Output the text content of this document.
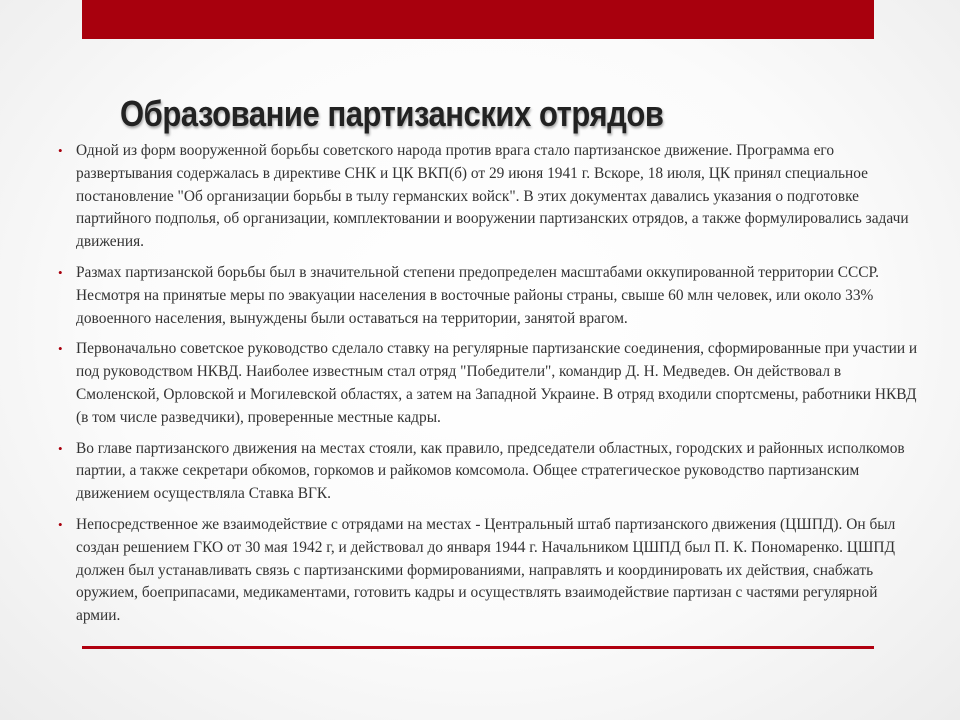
Образование партизанских отрядов
• Одной из форм вооруженной борьбы советского народа против врага стало партизанское движение. Программа его развертывания содержалась в директиве СНК и ЦК ВКП(б) от 29 июня 1941 г. Вскоре, 18 июля, ЦК принял специальное постановление "Об организации борьбы в тылу германских войск". В этих документах давались указания о подготовке партийного подполья, об организации, комплектовании и вооружении партизанских отрядов, а также формулировались задачи движения.
• Размах партизанской борьбы был в значительной степени предопределен масштабами оккупированной территории СССР. Несмотря на принятые меры по эвакуации населения в восточные районы страны, свыше 60 млн человек, или около 33% довоенного населения, вынуждены были оставаться на территории, занятой врагом.
• Первоначально советское руководство сделало ставку на регулярные партизанские соединения, сформированные при участии и под руководством НКВД. Наиболее известным стал отряд "Победители", командир Д. Н. Медведев. Он действовал в Смоленской, Орловской и Могилевской областях, а затем на Западной Украине. В отряд входили спортсмены, работники НКВД (в том числе разведчики), проверенные местные кадры.
• Во главе партизанского движения на местах стояли, как правило, председатели областных, городских и районных исполкомов партии, а также секретари обкомов, горкомов и райкомов комсомола. Общее стратегическое руководство партизанским движением осуществляла Ставка ВГК.
• Непосредственное же взаимодействие с отрядами на местах - Центральный штаб партизанского движения (ЦШПД). Он был создан решением ГКО от 30 мая 1942 г, и действовал до января 1944 г. Начальником ЦШПД был П. К. Пономаренко. ЦШПД должен был устанавливать связь с партизанскими формированиями, направлять и координировать их действия, снабжать оружием, боеприпасами, медикаментами, готовить кадры и осуществлять взаимодействие партизан с частями регулярной армии.
